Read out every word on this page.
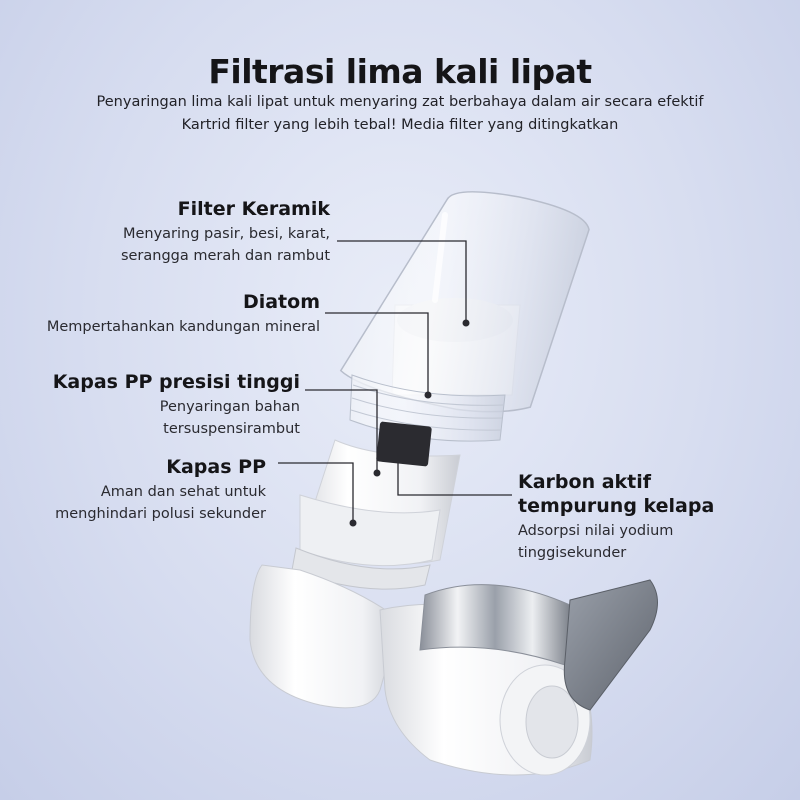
Filtrasi lima kali lipat
Penyaringan lima kali lipat untuk menyaring zat berbahaya dalam air secara efektif
Kartrid filter yang lebih tebal! Media filter yang ditingkatkan
Filter Keramik

Menyaring pasir, besi, karat,

serangga merah dan rambut

Diatom

Mempertahankan kandungan mineral

Kapas PP presisi tinggi

Penyaringan bahan

tersuspensirambut

Kapas PP

Aman dan sehat untuk

menghindari polusi sekunder

Karbon aktif
tempurung kelapa

Adsorpsi nilai yodium

tinggisekunder
